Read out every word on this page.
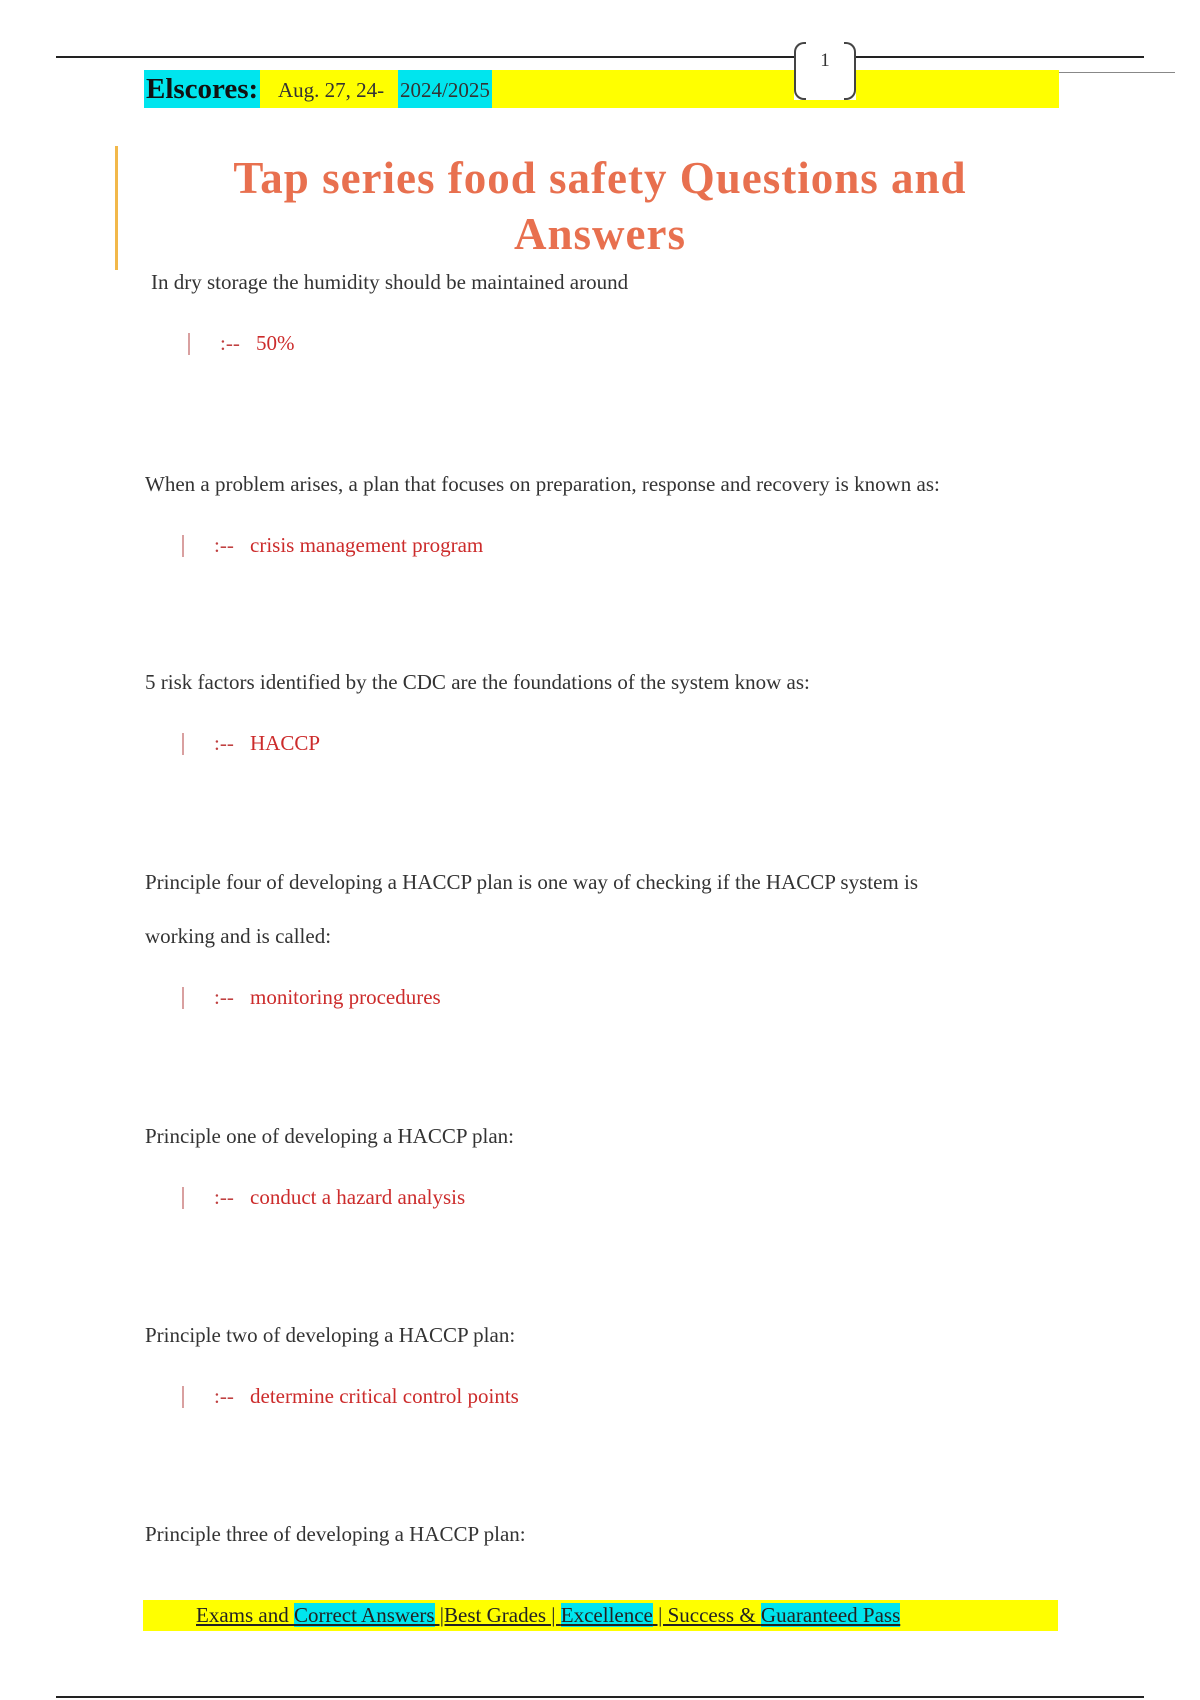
Elscores: Aug. 27, 24- 2024/2025
1
Tap series food safety Questions and
Answers
In dry storage the humidity should be maintained around
:-- 50%
When a problem arises, a plan that focuses on preparation, response and recovery is known as:
:-- crisis management program
5 risk factors identified by the CDC are the foundations of the system know as:
:-- HACCP
Principle four of developing a HACCP plan is one way of checking if the HACCP system is
working and is called:
:-- monitoring procedures
Principle one of developing a HACCP plan:
:-- conduct a hazard analysis
Principle two of developing a HACCP plan:
:-- determine critical control points
Principle three of developing a HACCP plan:
Exams and Correct Answers |Best Grades | Excellence | Success & Guaranteed Pass
